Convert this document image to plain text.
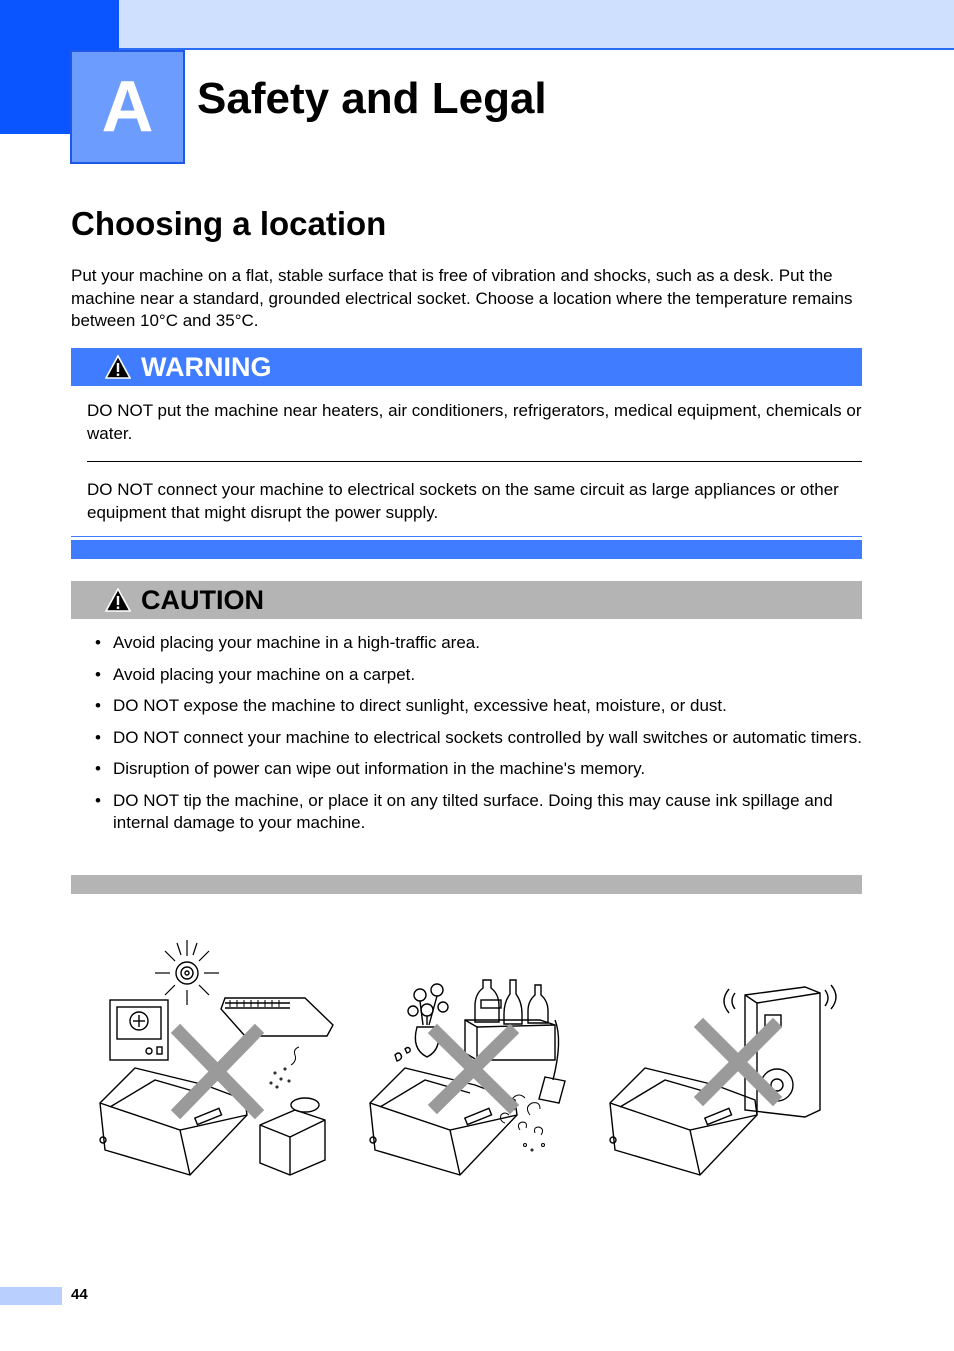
A Safety and Legal
Choosing a location

Put your machine on a flat, stable surface that is free of vibration and shocks, such as a desk. Put the machine near a standard, grounded electrical socket. Choose a location where the temperature remains between 10°C and 35°C.

WARNING

DO NOT put the machine near heaters, air conditioners, refrigerators, medical equipment, chemicals or water.

DO NOT connect your machine to electrical sockets on the same circuit as large appliances or other equipment that might disrupt the power supply.

CAUTION
• Avoid placing your machine in a high-traffic area.
• Avoid placing your machine on a carpet.
• DO NOT expose the machine to direct sunlight, excessive heat, moisture, or dust.
• DO NOT connect your machine to electrical sockets controlled by wall switches or automatic timers.
• Disruption of power can wipe out information in the machine's memory.
• DO NOT tip the machine, or place it on any tilted surface. Doing this may cause ink spillage and internal damage to your machine.
44
